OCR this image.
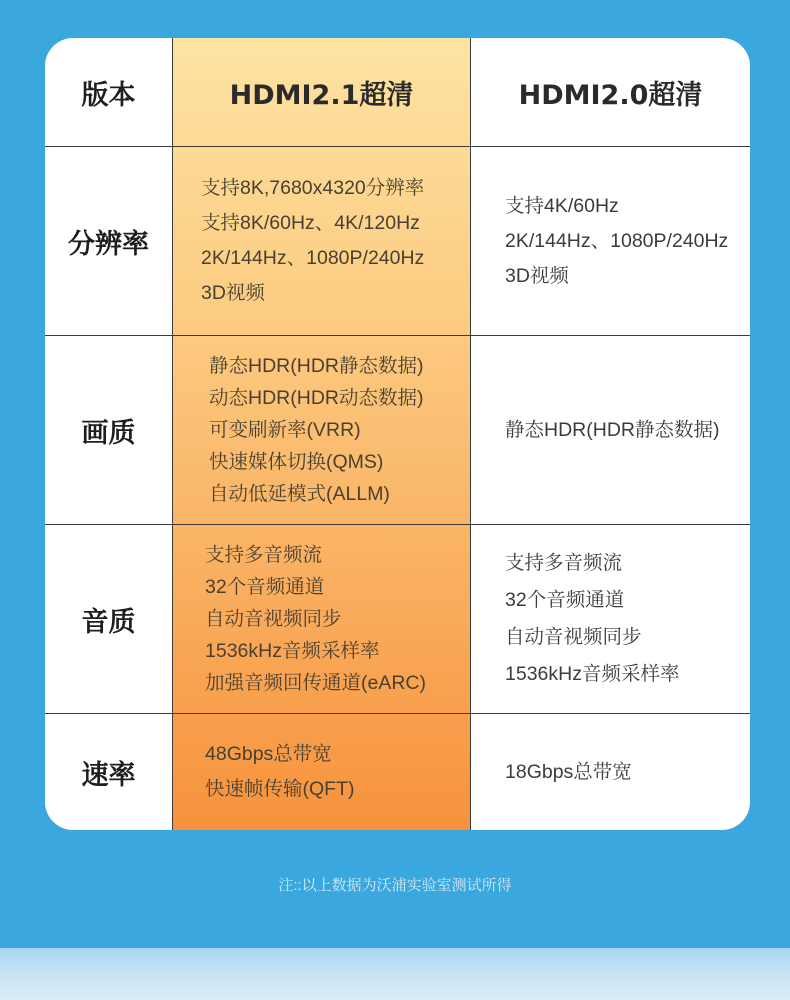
版本	HDMI2.1超清	HDMI2.0超清
分辨率
支持8K,7680x4320分辨率
支持8K/60Hz、4K/120Hz
2K/144Hz、1080P/240Hz
3D视频
支持4K/60Hz
2K/144Hz、1080P/240Hz
3D视频
画质
静态HDR(HDR静态数据)
动态HDR(HDR动态数据)
可变刷新率(VRR)
快速媒体切换(QMS)
自动低延模式(ALLM)
静态HDR(HDR静态数据)
音质
支持多音频流
32个音频通道
自动音视频同步
1536kHz音频采样率
加强音频回传通道(eARC)
支持多音频流
32个音频通道
自动音视频同步
1536kHz音频采样率
速率
48Gbps总带宽
快速帧传输(QFT)
18Gbps总带宽
注::以上数据为沃浦实验室测试所得
